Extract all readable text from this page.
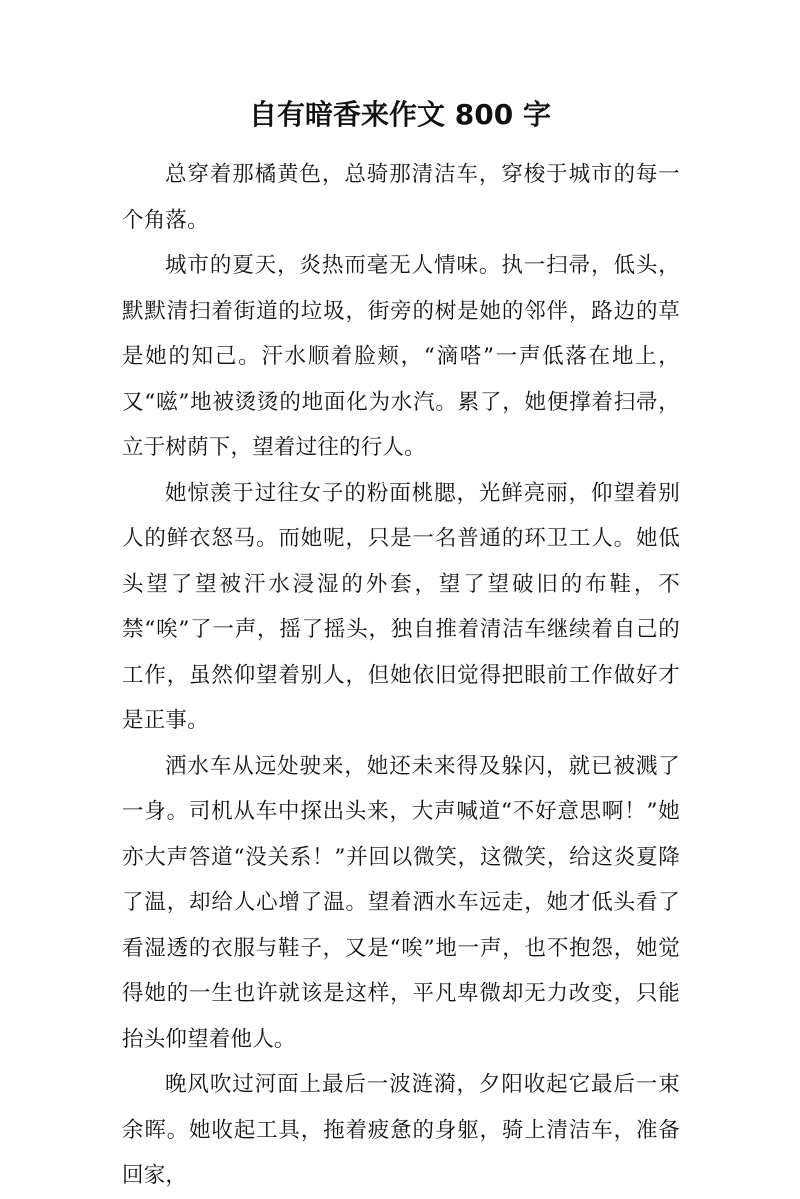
自有暗香来作文 800 字

总穿着那橘黄色，总骑那清洁车，穿梭于城市的每一个角落。

城市的夏天，炎热而毫无人情味。执一扫帚，低头，默默清扫着街道的垃圾，街旁的树是她的邻伴，路边的草是她的知己。汗水顺着脸颊，“滴嗒”一声低落在地上，又“嗞”地被烫烫的地面化为水汽。累了，她便撑着扫帚，立于树荫下，望着过往的行人。

她惊羡于过往女子的粉面桃腮，光鲜亮丽，仰望着别人的鲜衣怒马。而她呢，只是一名普通的环卫工人。她低头望了望被汗水浸湿的外套，望了望破旧的布鞋，不禁“唉”了一声，摇了摇头，独自推着清洁车继续着自己的工作，虽然仰望着别人，但她依旧觉得把眼前工作做好才是正事。

洒水车从远处驶来，她还未来得及躲闪，就已被溅了一身。司机从车中探出头来，大声喊道“不好意思啊！”她亦大声答道“没关系！”并回以微笑，这微笑，给这炎夏降了温，却给人心增了温。望着洒水车远走，她才低头看了看湿透的衣服与鞋子，又是“唉”地一声，也不抱怨，她觉得她的一生也许就该是这样，平凡卑微却无力改变，只能抬头仰望着他人。

晚风吹过河面上最后一波涟漪，夕阳收起它最后一束余晖。她收起工具，拖着疲惫的身躯，骑上清洁车，准备回家，
